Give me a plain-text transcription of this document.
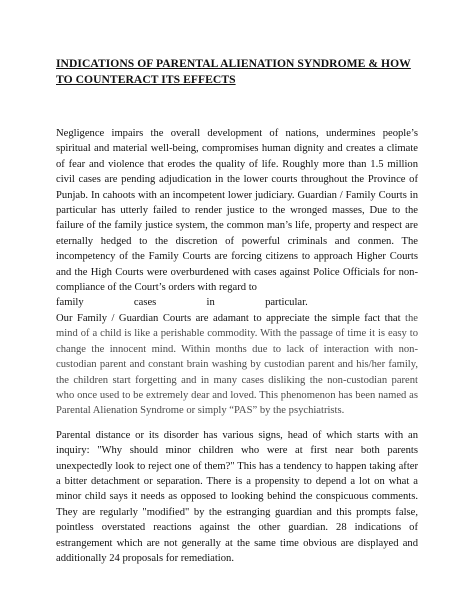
INDICATIONS OF PARENTAL ALIENATION SYNDROME & HOW TO COUNTERACT ITS EFFECTS

Negligence impairs the overall development of nations, undermines people’s spiritual and material well-being, compromises human dignity and creates a climate of fear and violence that erodes the quality of life. Roughly more than 1.5 million civil cases are pending adjudication in the lower courts throughout the Province of Punjab. In cahoots with an incompetent lower judiciary. Guardian / Family Courts in particular has utterly failed to render justice to the wronged masses, Due to the failure of the family justice system, the common man’s life, property and respect are eternally hedged to the discretion of powerful criminals and conmen. The incompetency of the Family Courts are forcing citizens to approach Higher Courts and the High Courts were overburdened with cases against Police Officials for non- compliance of the Court’s orders with regard to

family	cases	in	particular.

Our Family / Guardian Courts are adamant to appreciate the simple fact that the mind of a child is like a perishable commodity. With the passage of time it is easy to change the innocent mind. Within months due to lack of interaction with non-custodian parent and constant brain washing by custodian parent and his/her family, the children start forgetting and in many cases disliking the non-custodian parent who once used to be extremely dear and loved. This phenomenon has been named as Parental Alienation Syndrome or simply “PAS” by the psychiatrists.

Parental distance or its disorder has various signs, head of which starts with an inquiry: "Why should minor children who were at first near both parents unexpectedly look to reject one of them?" This has a tendency to happen taking after a bitter detachment or separation. There is a propensity to depend a lot on what a minor child says it needs as opposed to looking behind the conspicuous comments. They are regularly "modified" by the estranging guardian and this prompts false, pointless overstated reactions against the other guardian. 28 indications of estrangement which are not generally at the same time obvious are displayed and additionally 24 proposals for remediation.
